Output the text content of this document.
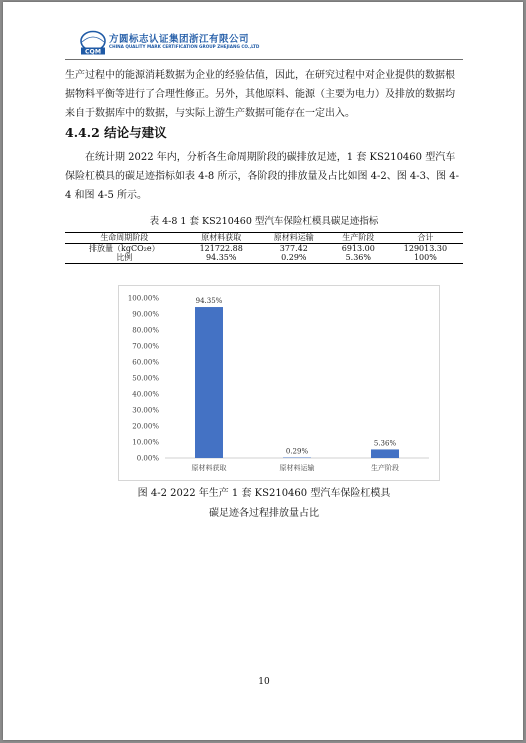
CQM
方圆标志认证集团浙江有限公司
CHINA QUALITY MARK CERTIFICATION GROUP ZHEJIANG CO.,LTD

生产过程中的能源消耗数据为企业的经验估值，因此，在研究过程中对企业提供的数据根据物料平衡等进行了合理性修正。另外，其他原料、能源（主要为电力）及排放的数据均来自于数据库中的数据，与实际上游生产数据可能存在一定出入。

4.4.2 结论与建议

在统计期 2022 年内，分析各生命周期阶段的碳排放足迹，1 套 KS210460 型汽车保险杠模具的碳足迹指标如表 4-8 所示，各阶段的排放量及占比如图 4-2、图 4-3、图 4-4 和图 4-5 所示。

表 4-8 1 套 KS210460 型汽车保险杠模具碳足迹指标
生命周期阶段	原材料获取	原材料运输	生产阶段	合计
排放量（kgCO₂e）	121722.88	377.42	6913.00	129013.30
比例	94.35%	0.29%	5.36%	100%
0.00%
10.00%
20.00%
30.00%
40.00%
50.00%
60.00%
70.00%
80.00%
90.00%
100.00%	94.35%
原材料获取
0.29%
原材料运输
5.36%
生产阶段

图 4-2 2022 年生产 1 套 KS210460 型汽车保险杠模具

碳足迹各过程排放量占比

10
